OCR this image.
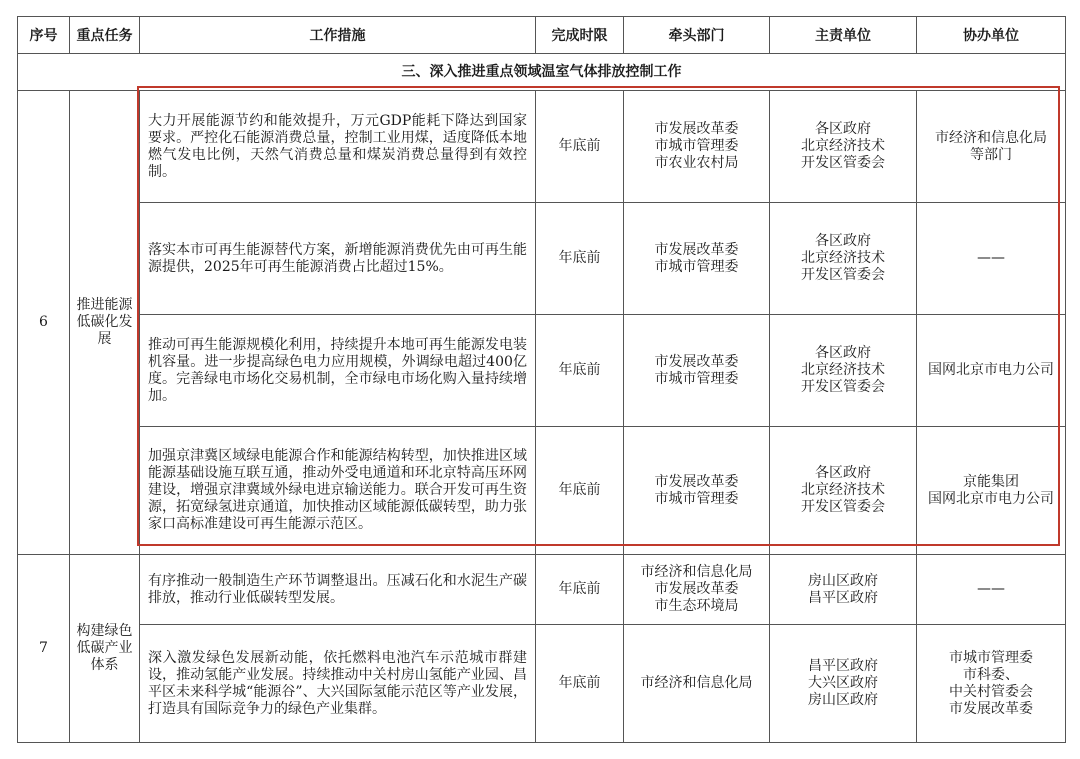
序号	重点任务	工作措施	完成时限	牵头部门	主责单位	协办单位
三、深入推进重点领域温室气体排放控制工作						
6	推进能源低碳化发展	大力开展能源节约和能效提升，万元GDP能耗下降达到国家要求。严控化石能源消费总量，控制工业用煤，适度降低本地燃气发电比例，天然气消费总量和煤炭消费总量得到有效控制。	年底前	市发展改革委
市城市管理委
市农业农村局	各区政府
北京经济技术
开发区管委会	市经济和信息化局
等部门

		落实本市可再生能源替代方案，新增能源消费优先由可再生能源提供，2025年可再生能源消费占比超过15%。	年底前	市发展改革委
市城市管理委	各区政府
北京经济技术
开发区管委会	——

		推动可再生能源规模化利用，持续提升本地可再生能源发电装机容量。进一步提高绿色电力应用规模，外调绿电超过400亿度。完善绿电市场化交易机制，全市绿电市场化购入量持续增加。	年底前	市发展改革委
市城市管理委	各区政府
北京经济技术
开发区管委会	国网北京市电力公司

		加强京津冀区域绿电能源合作和能源结构转型，加快推进区域能源基础设施互联互通，推动外受电通道和环北京特高压环网建设，增强京津冀域外绿电进京输送能力。联合开发可再生资源，拓宽绿氢进京通道，加快推动区域能源低碳转型，助力张家口高标准建设可再生能源示范区。	年底前	市发展改革委
市城市管理委	各区政府
北京经济技术
开发区管委会	京能集团
国网北京市电力公司

7	构建绿色低碳产业体系	有序推动一般制造生产环节调整退出。压减石化和水泥生产碳排放，推动行业低碳转型发展。	年底前	市经济和信息化局
市发展改革委
市生态环境局	房山区政府
昌平区政府	——

		深入激发绿色发展新动能，依托燃料电池汽车示范城市群建设，推动氢能产业发展。持续推动中关村房山氢能产业园、昌平区未来科学城“能源谷”、大兴国际氢能示范区等产业发展，打造具有国际竞争力的绿色产业集群。	年底前	市经济和信息化局	昌平区政府
大兴区政府
房山区政府	市城市管理委
市科委、
中关村管委会
市发展改革委
